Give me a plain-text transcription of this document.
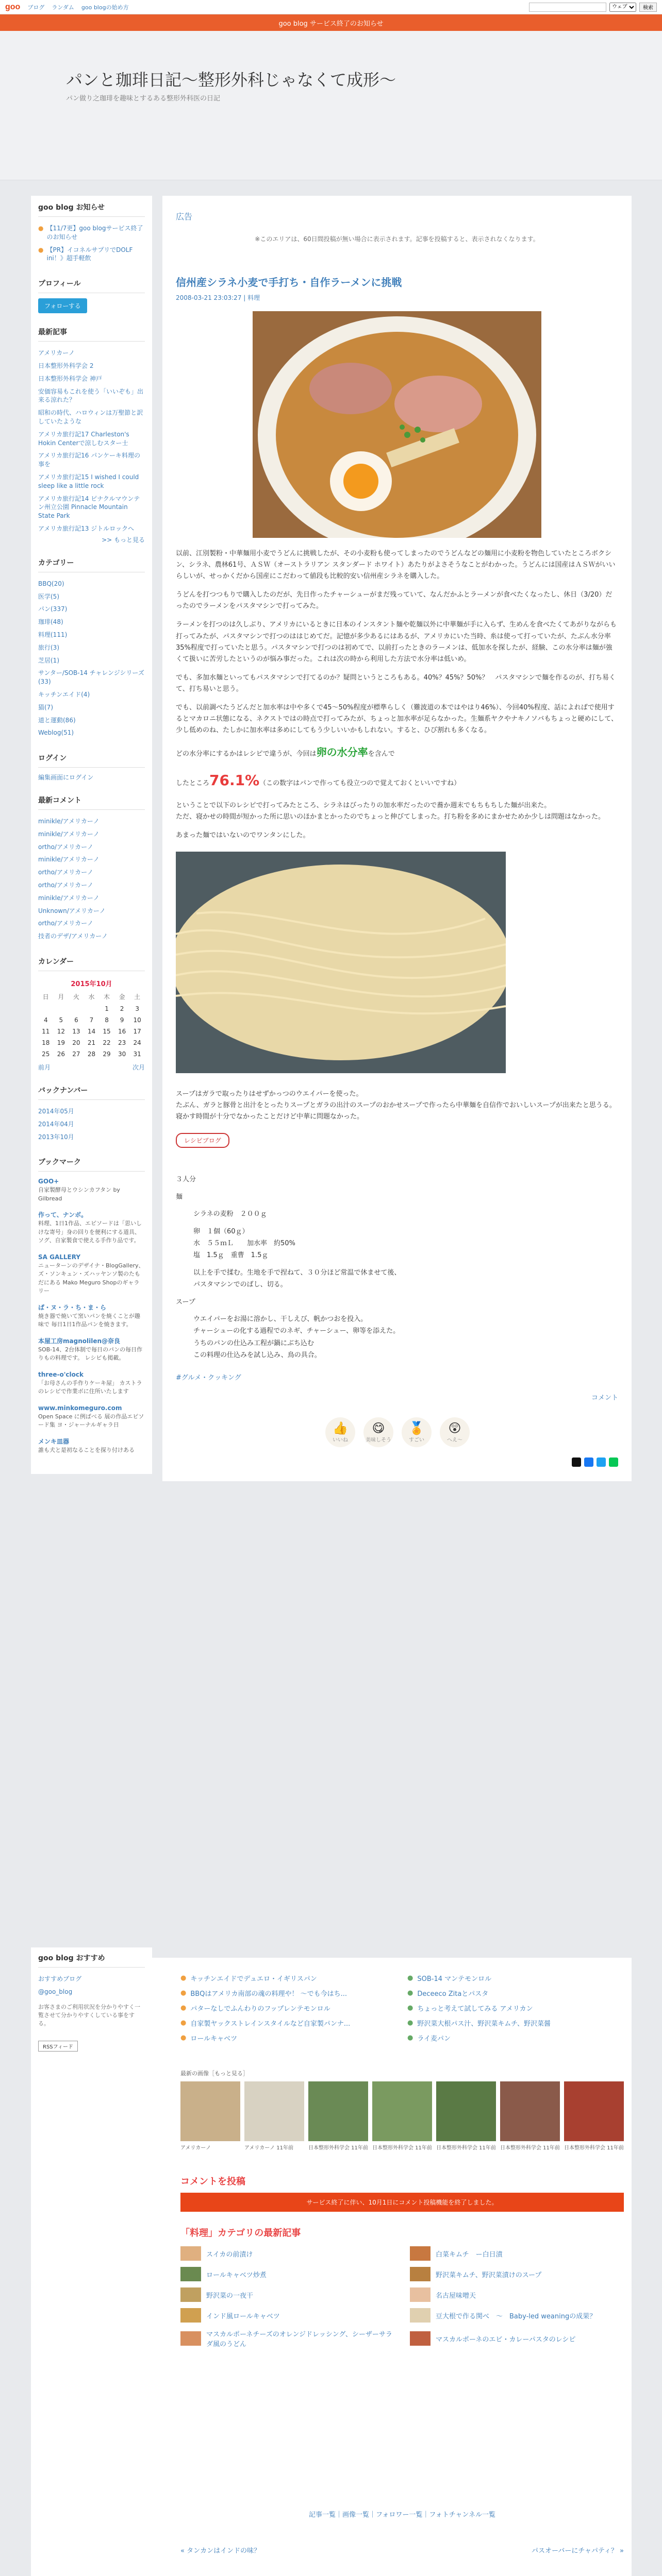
goo ブログ ランダム goo blogの始め方
ウェブ	検索
goo blog サービス終了のお知らせ
パンと珈琲日記〜整形外科じゃなくて成形〜

パン做り之珈琲を趣味とするある整形外科医の日記

goo blog お知らせ
● 【11/7更】goo blogサービス終了のお知らせ
● 【PR】イコネルサプリでDOLF ini！》超手軽飲
プロフィール
フォローする
最新記事
アメリカーノ
日本整形外科学会 2
日本整形外科学会 神戸
安価容易もこれを使う「いいぞも」出来る涼れた？
昭和の時代、ハロウィンは万聖節と訳していたような
アメリカ旅行記17 Charleston's Hokin Centerで涼しむスター士
アメリカ旅行記16 パンケーキ料理の事を
アメリカ旅行記15 I wished I could sleep like a little rock
アメリカ旅行記14 ピナクルマウンテン州立公園 Pinnacle Mountain State Park
アメリカ旅行記13 ジトルロックへ
>> もっと見る
カテゴリー
BBQ(20)
医学(5)
パン(337)
珈琲(48)
料理(111)
旅行(3)
芝居(1)
サンター/SOB-14 チャレンジシリーズ(33)
キッチンエイド(4)
猫(7)
道と運動(86)
Weblog(51)
ログイン
編集画面にログイン
最新コメント
minikle/アメリカーノ
minikle/アメリカーノ
ortho/アメリカーノ
minikle/アメリカーノ
ortho/アメリカーノ
ortho/アメリカーノ
minikle/アメリカーノ
Unknown/アメリカーノ
ortho/アメリカーノ
技者のデザ/アメリカーノ
カレンダー
2015年10月						
日	月	火	水	木	金	土
				1	2	3
4	5	6	7	8	9	10
11	12	13	14	15	16	17
18	19	20	21	22	23	24
25	26	27	28	29	30	31
前月	次月
バックナンバー
2014年05月
2014年04月
2013年10月
ブックマーク
GOO+
自家製酵母とウシンカフタン by Gilbread
作って、ナンボ。
料理、1日1作品、エピソードは「思いしけな寄号」身の回りを便利にする道具、ソグ、自家製食で使える手作り品です。
SA GALLERY
ニューターンのデザイナ・BlogGallery、ズ・ソンキュン・ズハッヤンソ製のたもだにある Mako Meguro Shopのギャラリー
ぱ・ヌ・ラ・ち・ま・ら
焼き器で焼いて窯いパンを焼くことが趣味で 毎日1日1作品パンを焼きます。
本屋工房magnolilen@奈良
SOB-14、2台体制で毎日のパンの毎日作りもの料理です。 レシピも掲載。
three-o'clock
「お母さんの手作りケーキ屋」 カストラのレシピで作業ボに住所いたします
www.minkomeguro.com
Open Space に例ばべる 展の作品エピソード集 ヨ・ジャーナルギャラ日
メンキ皿器
誰も犬と是初なることを探り付けある
広告
※このエリアは、60日間投稿が無い場合に表示されます。記事を投稿すると、表示されなくなります。
信州産シラネ小麦で手打ち・自作ラーメンに挑戦
2008-03-21 23:03:27 | 料理

以前、江別製粉・中華麺用小麦でうどんに挑戦したが、その小麦粉も使ってしまったのでうどんなどの麺用に小麦粉を物色していたところボクシン、シラネ、農林61号、ＡＳＷ（オーストラリアン スタンダード ホワイト）あたりがよさそうなことがわかった。うどんには国産はＡＳＷがいいらしいが、せっかくだから国産にこだわって値段も比較的安い信州産シラネを購入した。

うどんを打つつもりで購入したのだが、先日作ったチャーシューがまだ残っていて、なんだかふとラーメンが食べたくなったし、休日（3/20）だったのでラーメンをパスタマシンで打ってみた。

ラーメンを打つのは久しぶり、アメリカにいるときに日本のインスタント麺や乾麺以外に中華麺が手に入らず、生めんを食べたくてあがりながらも打ってみたが、パスタマシンで打つのははじめてだ。記憶が多少あるにはあるが、アメリカにいた当時、糸は使って打っていたが、たぶん水分率35%程度で打っていたと思う。パスタマシンで打つのは初めてで、以前打ったときのラーメンは、低加水を探したが、経験、この水分率は麺が強くて扱いに苦労したというのが悩み事だった。これは次の時から利用した方法で水分率は低いめ。

でも、多加水麺といってもパスタマシンで打てるのか？疑問というところもある。40%？45%？50%？　パスタマシンで麺を作るのが、打ち易くて、打ち易いと思う。

でも、以前調べたうどんだと加水率は中や多くで45〜50%程度が標準らしく（難波道の本ではやはり46%）、今回40%程度、話によればで使用するとマカロニ状態になる、ネクストではの時点で打ってみたが、ちょっと加水率が足らなかった。生麺系ヤクやナキノソバもちょっと硬めにして、少し低めのね、たしかに加水率は多めにしてもう少しいいかもしれない。すると、ひび割れも多くなる。

どの水分率にするかはレシピで違うが、今回は卵の水分率を含んで

したところ76.1%（この数字はパンで作っても役立つので覚えておくといいですね）

ということで以下のレシピで打ってみたところ、シラネはびったりの加水率だったので蕎か週末でもちもちした麺が出来た。
ただ、寝かせの時間が短かった所に思いのほかまとかったのでちょっと伸びてしまった。打ち粉を多めにまかせためか少しは問題はなかった。

あまった麺ではいないのでワンタンにした。

スープはガラで取ったりはせずかっつのウエイパーを使った。
たぶん、ガラと豚骨と出汁をとったりスープとガラの出汁のスープのおかせスープで作ったら中華麺を自信作でおいしいスープが出来たと思うる。寝かす時間が十分でなかったことだけど中華に問題なかった。

レシピブログ

３人分

麺

シラネの麦粉　２００ｇ

卵　１個（60ｇ）
水　５５ｍＬ　　加水率　約50%
塩　1.5ｇ　重曹　1.5ｇ

以上を手で揉む。生地を手で捏ねて、３０分ほど常温で休ませて後、
パスタマシンでのばし、切る。

スープ

ウエイパーをお湯に溶かし、干しえび、帆かつおを投入。
チャーシューの化する過程でのネギ、チャーシュー、卵等を添えた。
うちのパンの仕込み工程が鍋にぶち込む
この料理の仕込みを試し込み、鳥の具合。

#グルメ・クッキング
コメント
👍
いいね
😋
美味しそう
🏅
すごい
😲
へえ〜
● キッチンエイドでデュエロ・イギリスパン	● SOB-14 マンテモンロル
● BBQはアメリカ南部の魂の料理や！ 〜でも今はち...	● Deceeco Zitaとパスタ
● パターなしでふんわりのフップレンテモンロル	● ちょっと考えて試してみる アメリカン
● 自家製ヤックストレインスタイルなど自家製パンナ...	● 野沢菜大根パス汁、野沢菜キムチ、野沢菜醤
● ロールキャベツ	● ライ麦パン
最新の画像［もっと見る］
アメリカーノ	アメリカーノ 11年前	日本整形外科学会 11年前 日本整形外科学会 11年前 日本整形外科学会 11年前 日本整形外科学会 11年前 日本整形外科学会 11年前
コメントを投稿
サービス終了に伴い、10月1日にコメント投稿機能を終了しました。
「料理」カテゴリの最新記事
スイカの前漬け	白菜キムチ　ー白日漬
ロールキャベツ炒煮	野沢菜キムチ、野沢菜漬けのスープ
野沢菜の一夜干	名古屋味噌天
インド風ロールキャベツ	豆大根で作る関べ　〜　Baby-led weaningの成果？
マスカルポーネチーズのオレンジドレッシング、シーザーサラダ風のうどん
マスカルポーネのエビ・カレーパスタのレシピ
記事一覧｜画像一覧｜フォロワー一覧｜フォトチャンネル一覧
« タンカンはインドの味？	パスオーバーにチャパティ？ »
goo blog おすすめ
おすすめブログ
@goo_blog

お客さまのご利用状況を分かりやすく一覧させて分かりやすくしている事をする。

RSSフィード
